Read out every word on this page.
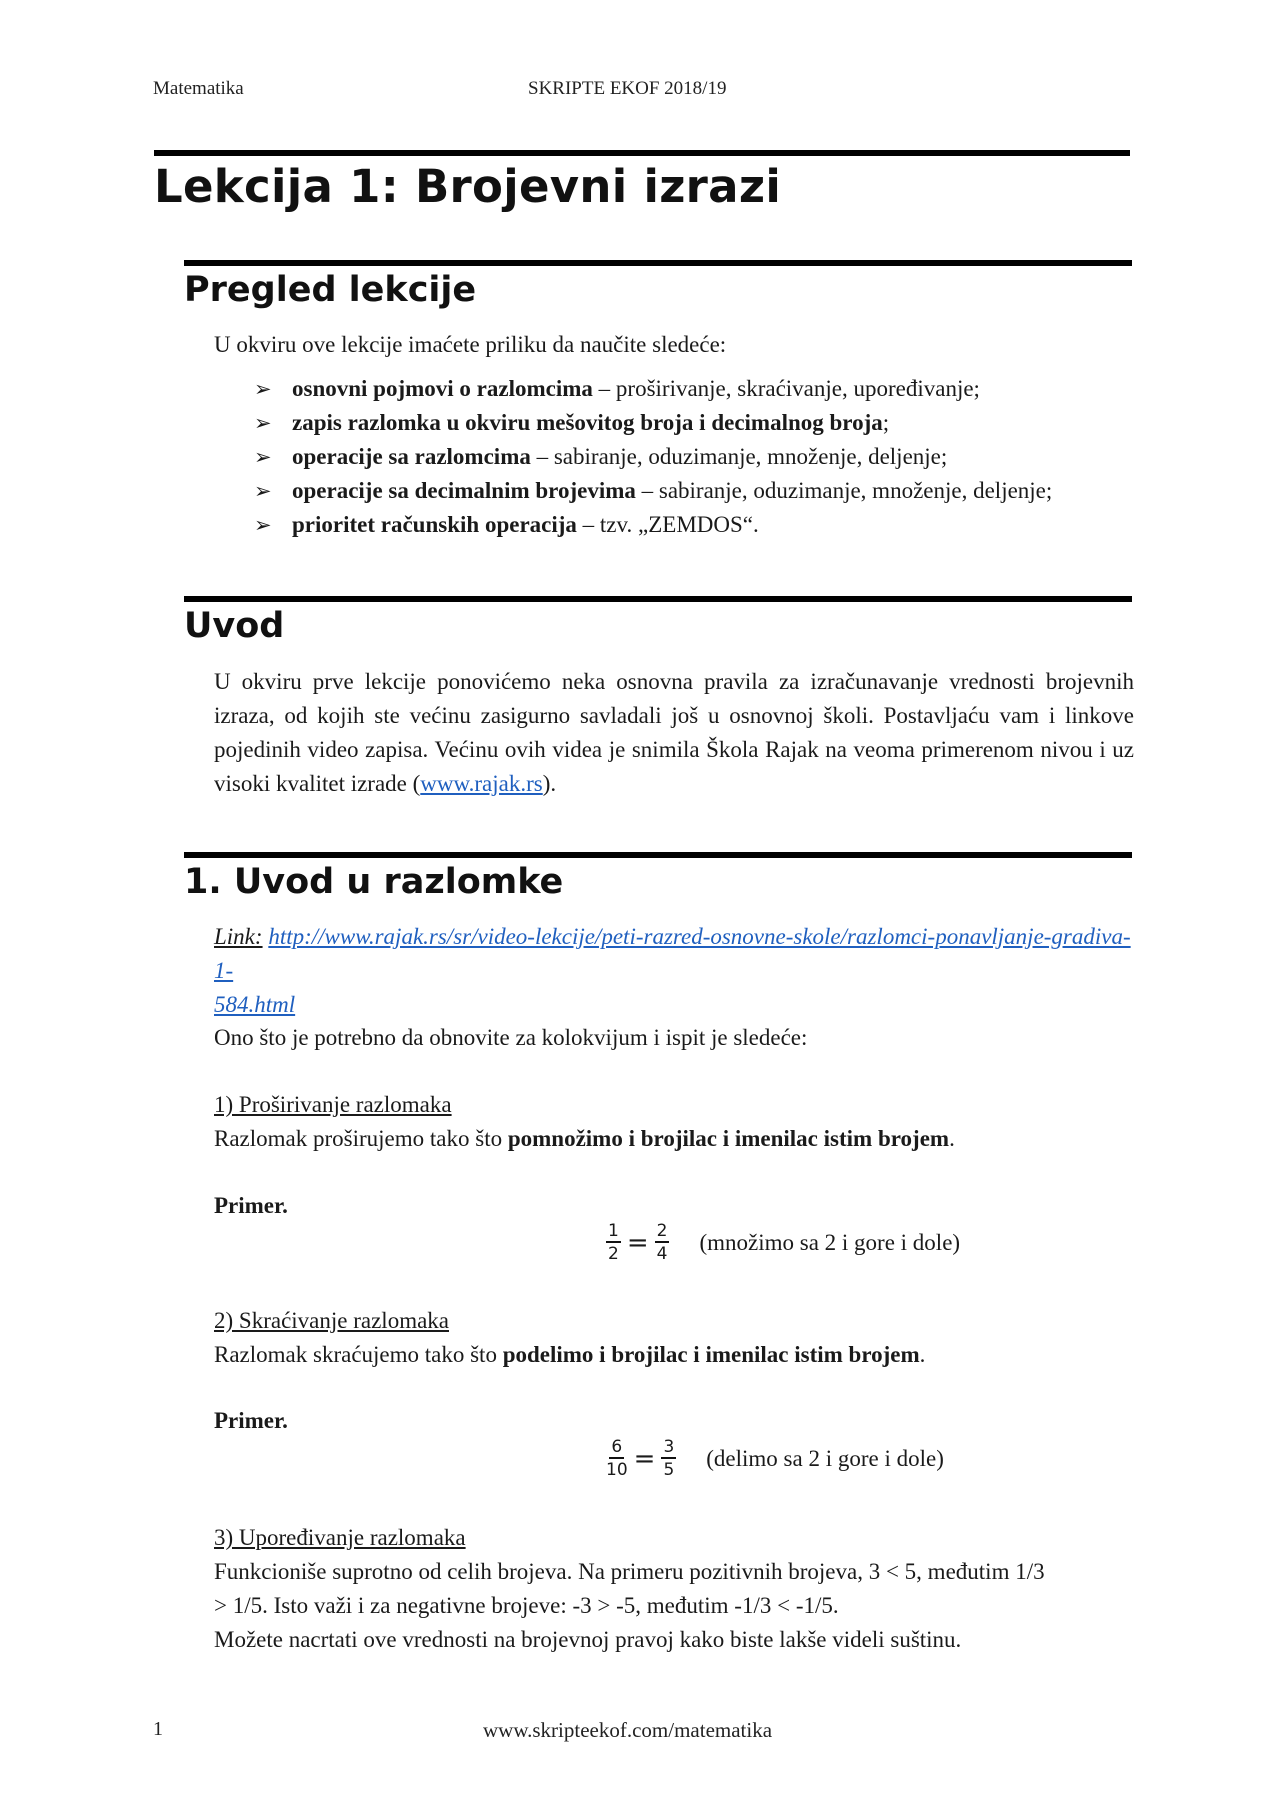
Matematika	SKRIPTE EKOF 2018/19
Lekcija 1: Brojevni izrazi
Pregled lekcije
U okviru ove lekcije imaćete priliku da naučite sledeće:
➢ osnovni pojmovi o razlomcima – proširivanje, skraćivanje, upoređivanje;
➢ zapis razlomka u okviru mešovitog broja i decimalnog broja;
➢ operacije sa razlomcima – sabiranje, oduzimanje, množenje, deljenje;
➢ operacije sa decimalnim brojevima – sabiranje, oduzimanje, množenje, deljenje;
➢ prioritet računskih operacija – tzv. „ZEMDOS“.
Uvod
U okviru prve lekcije ponovićemo neka osnovna pravila za izračunavanje vrednosti brojevnih izraza, od kojih ste većinu zasigurno savladali još u osnovnoj školi. Postavljaću vam i linkove pojedinih video zapisa. Većinu ovih videa je snimila Škola Rajak na veoma primerenom nivou i uz visoki kvalitet izrade (www.rajak.rs).
1. Uvod u razlomke
Link: http://www.rajak.rs/sr/video-lekcije/peti-razred-osnovne-skole/razlomci-ponavljanje-gradiva-1-
584.html
Ono što je potrebno da obnovite za kolokvijum i ispit je sledeće:
1) Proširivanje razlomaka
Razlomak proširujemo tako što pomnožimo i brojilac i imenilac istim brojem.
Primer.
$\frac{1}{2} = \frac{2}{4}$ (množimo sa 2 i gore i dole)
2) Skraćivanje razlomaka
Razlomak skraćujemo tako što podelimo i brojilac i imenilac istim brojem.
Primer.
$\frac{6}{10} = \frac{3}{5} (delimo$ sa 2 i gore i dole)
3) Upoređivanje razlomaka
Funkcioniše suprotno od celih brojeva. Na primeru pozitivnih brojeva, 3 < 5, međutim 1/3
> 1/5. Isto važi i za negativne brojeve: -3 > -5, međutim -1/3 < -1/5.
Možete nacrtati ove vrednosti na brojevnoj pravoj kako biste lakše videli suštinu.
1	www.skripteekof.com/matematika
